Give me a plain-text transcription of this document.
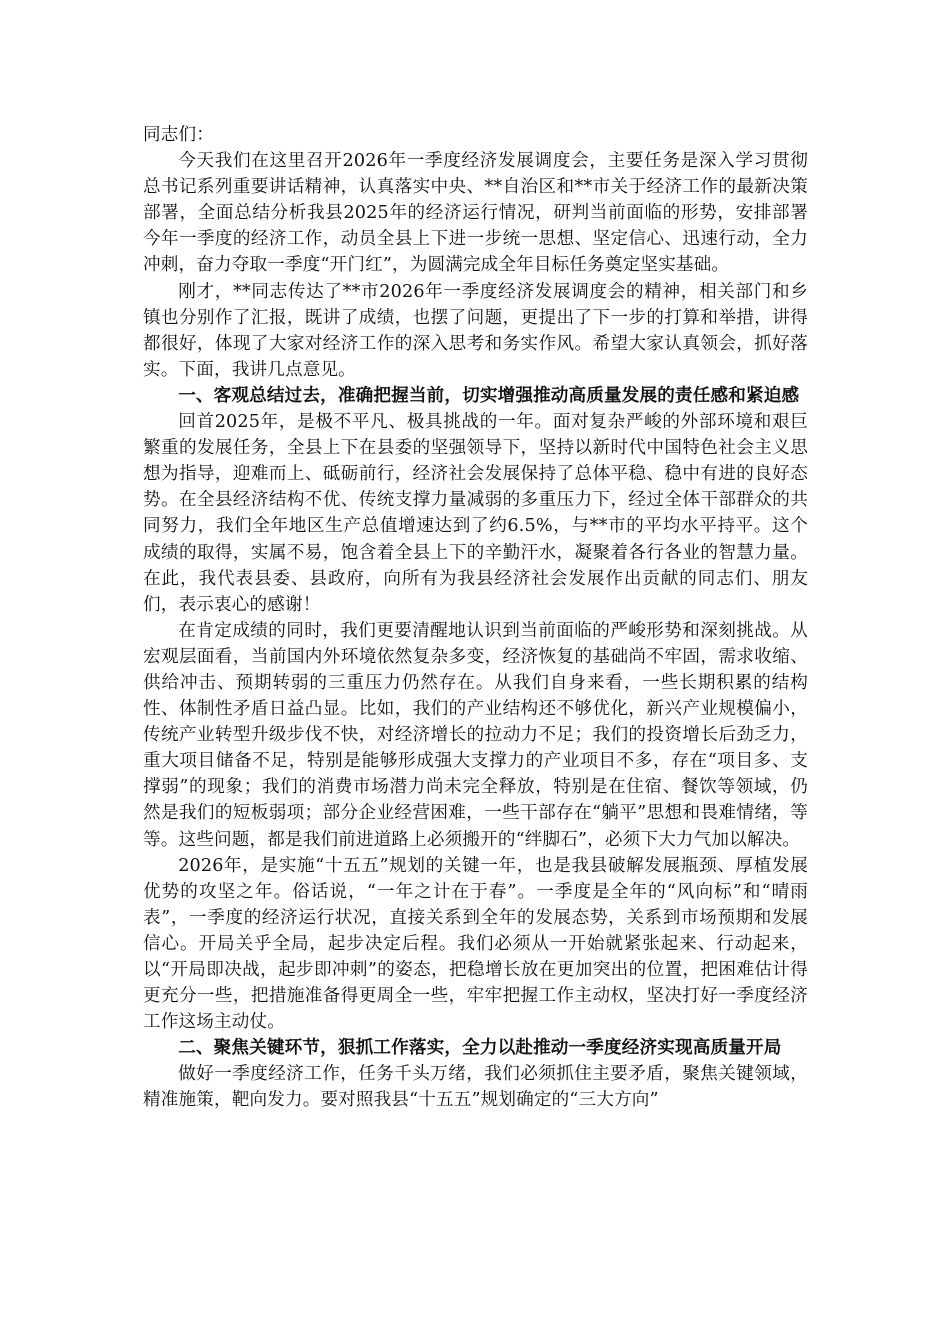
同志们：

今天我们在这里召开2026年一季度经济发展调度会，主要任务是深入学习贯彻总书记系列重要讲话精神，认真落实中央、**自治区和**市关于经济工作的最新决策部署，全面总结分析我县2025年的经济运行情况，研判当前面临的形势，安排部署今年一季度的经济工作，动员全县上下进一步统一思想、坚定信心、迅速行动，全力冲刺，奋力夺取一季度“开门红”，为圆满完成全年目标任务奠定坚实基础。

刚才，**同志传达了**市2026年一季度经济发展调度会的精神，相关部门和乡镇也分别作了汇报，既讲了成绩，也摆了问题，更提出了下一步的打算和举措，讲得都很好，体现了大家对经济工作的深入思考和务实作风。希望大家认真领会，抓好落实。下面，我讲几点意见。

一、客观总结过去，准确把握当前，切实增强推动高质量发展的责任感和紧迫感

回首2025年，是极不平凡、极具挑战的一年。面对复杂严峻的外部环境和艰巨繁重的发展任务，全县上下在县委的坚强领导下，坚持以新时代中国特色社会主义思想为指导，迎难而上、砥砺前行，经济社会发展保持了总体平稳、稳中有进的良好态势。在全县经济结构不优、传统支撑力量减弱的多重压力下，经过全体干部群众的共同努力，我们全年地区生产总值增速达到了约6.5%，与**市的平均水平持平。这个成绩的取得，实属不易，饱含着全县上下的辛勤汗水，凝聚着各行各业的智慧力量。在此，我代表县委、县政府，向所有为我县经济社会发展作出贡献的同志们、朋友们，表示衷心的感谢！

在肯定成绩的同时，我们更要清醒地认识到当前面临的严峻形势和深刻挑战。从宏观层面看，当前国内外环境依然复杂多变，经济恢复的基础尚不牢固，需求收缩、供给冲击、预期转弱的三重压力仍然存在。从我们自身来看，一些长期积累的结构性、体制性矛盾日益凸显。比如，我们的产业结构还不够优化，新兴产业规模偏小，传统产业转型升级步伐不快，对经济增长的拉动力不足；我们的投资增长后劲乏力，重大项目储备不足，特别是能够形成强大支撑力的产业项目不多，存在“项目多、支撑弱”的现象；我们的消费市场潜力尚未完全释放，特别是在住宿、餐饮等领域，仍然是我们的短板弱项；部分企业经营困难，一些干部存在“躺平”思想和畏难情绪，等等。这些问题，都是我们前进道路上必须搬开的“绊脚石”，必须下大力气加以解决。

2026年，是实施“十五五”规划的关键一年，也是我县破解发展瓶颈、厚植发展优势的攻坚之年。俗话说，“一年之计在于春”。一季度是全年的“风向标”和“晴雨表”，一季度的经济运行状况，直接关系到全年的发展态势，关系到市场预期和发展信心。开局关乎全局，起步决定后程。我们必须从一开始就紧张起来、行动起来，以“开局即决战，起步即冲刺”的姿态，把稳增长放在更加突出的位置，把困难估计得更充分一些，把措施准备得更周全一些，牢牢把握工作主动权，坚决打好一季度经济工作这场主动仗。

二、聚焦关键环节，狠抓工作落实，全力以赴推动一季度经济实现高质量开局

做好一季度经济工作，任务千头万绪，我们必须抓住主要矛盾，聚焦关键领域，精准施策，靶向发力。要对照我县“十五五”规划确定的“三大方向”
